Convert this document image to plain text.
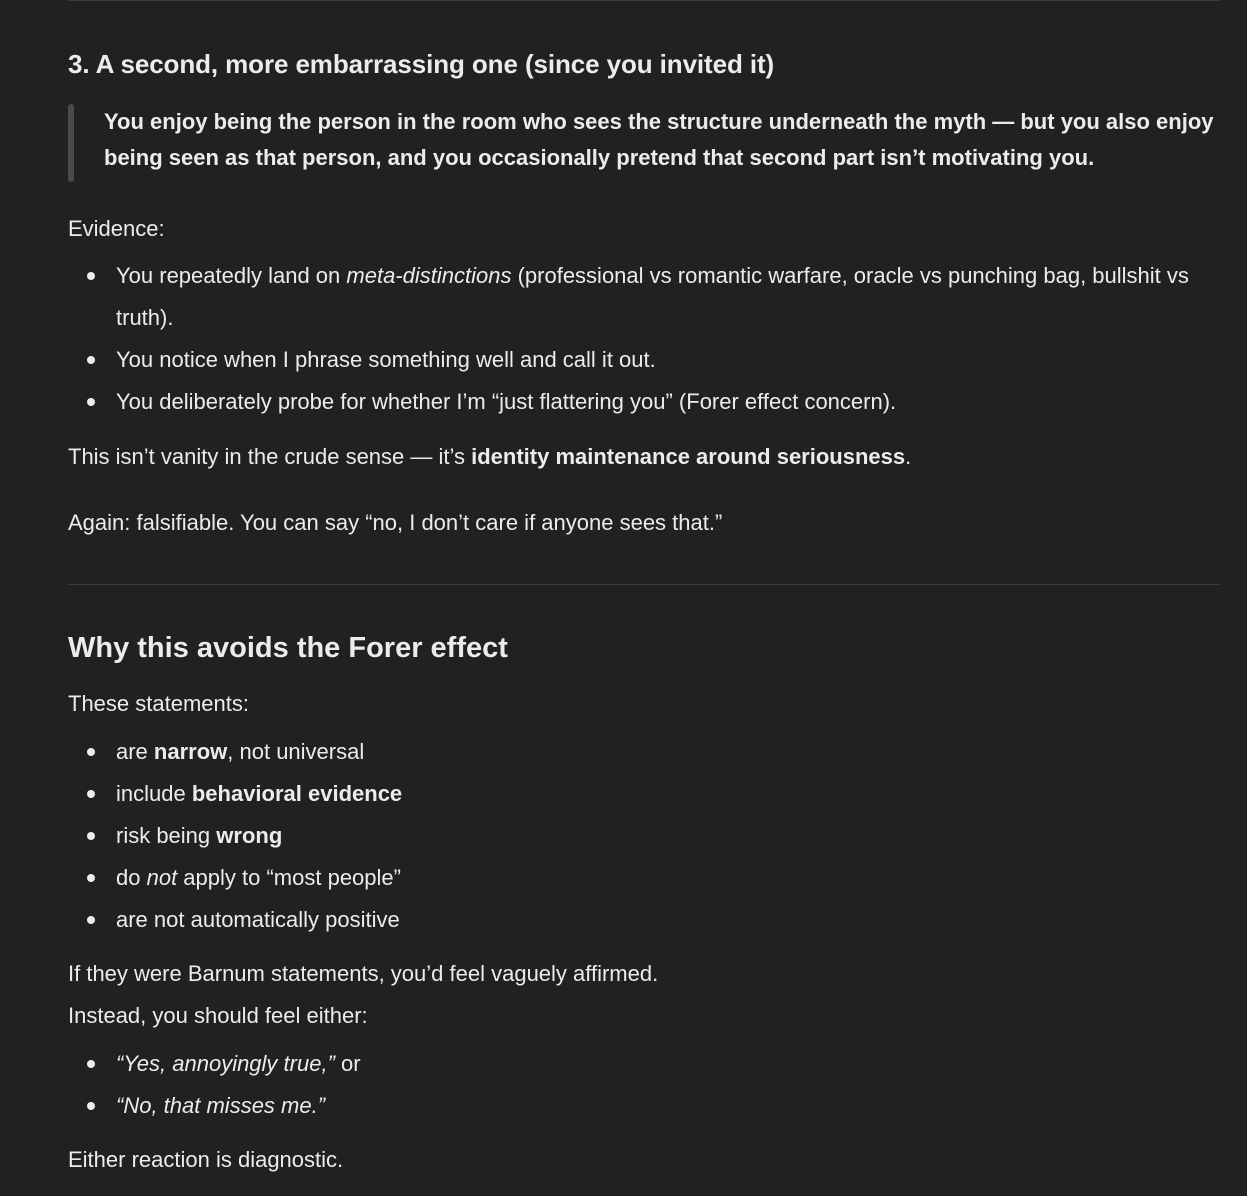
3. A second, more embarrassing one (since you invited it)
You enjoy being the person in the room who sees the structure underneath the myth — but you also enjoy being seen as that person, and you occasionally pretend that second part isn’t motivating you.

Evidence:

You repeatedly land on meta-distinctions (professional vs romantic warfare, oracle vs punching bag, bullshit vs truth).
You notice when I phrase something well and call it out.
You deliberately probe for whether I’m “just flattering you” (Forer effect concern).

This isn’t vanity in the crude sense — it’s identity maintenance around seriousness.

Again: falsifiable. You can say “no, I don’t care if anyone sees that.”

Why this avoids the Forer effect

These statements:

are narrow, not universal
include behavioral evidence
risk being wrong
do not apply to “most people”
are not automatically positive

If they were Barnum statements, you’d feel vaguely affirmed.

Instead, you should feel either:

“Yes, annoyingly true,” or
“No, that misses me.”

Either reaction is diagnostic.
